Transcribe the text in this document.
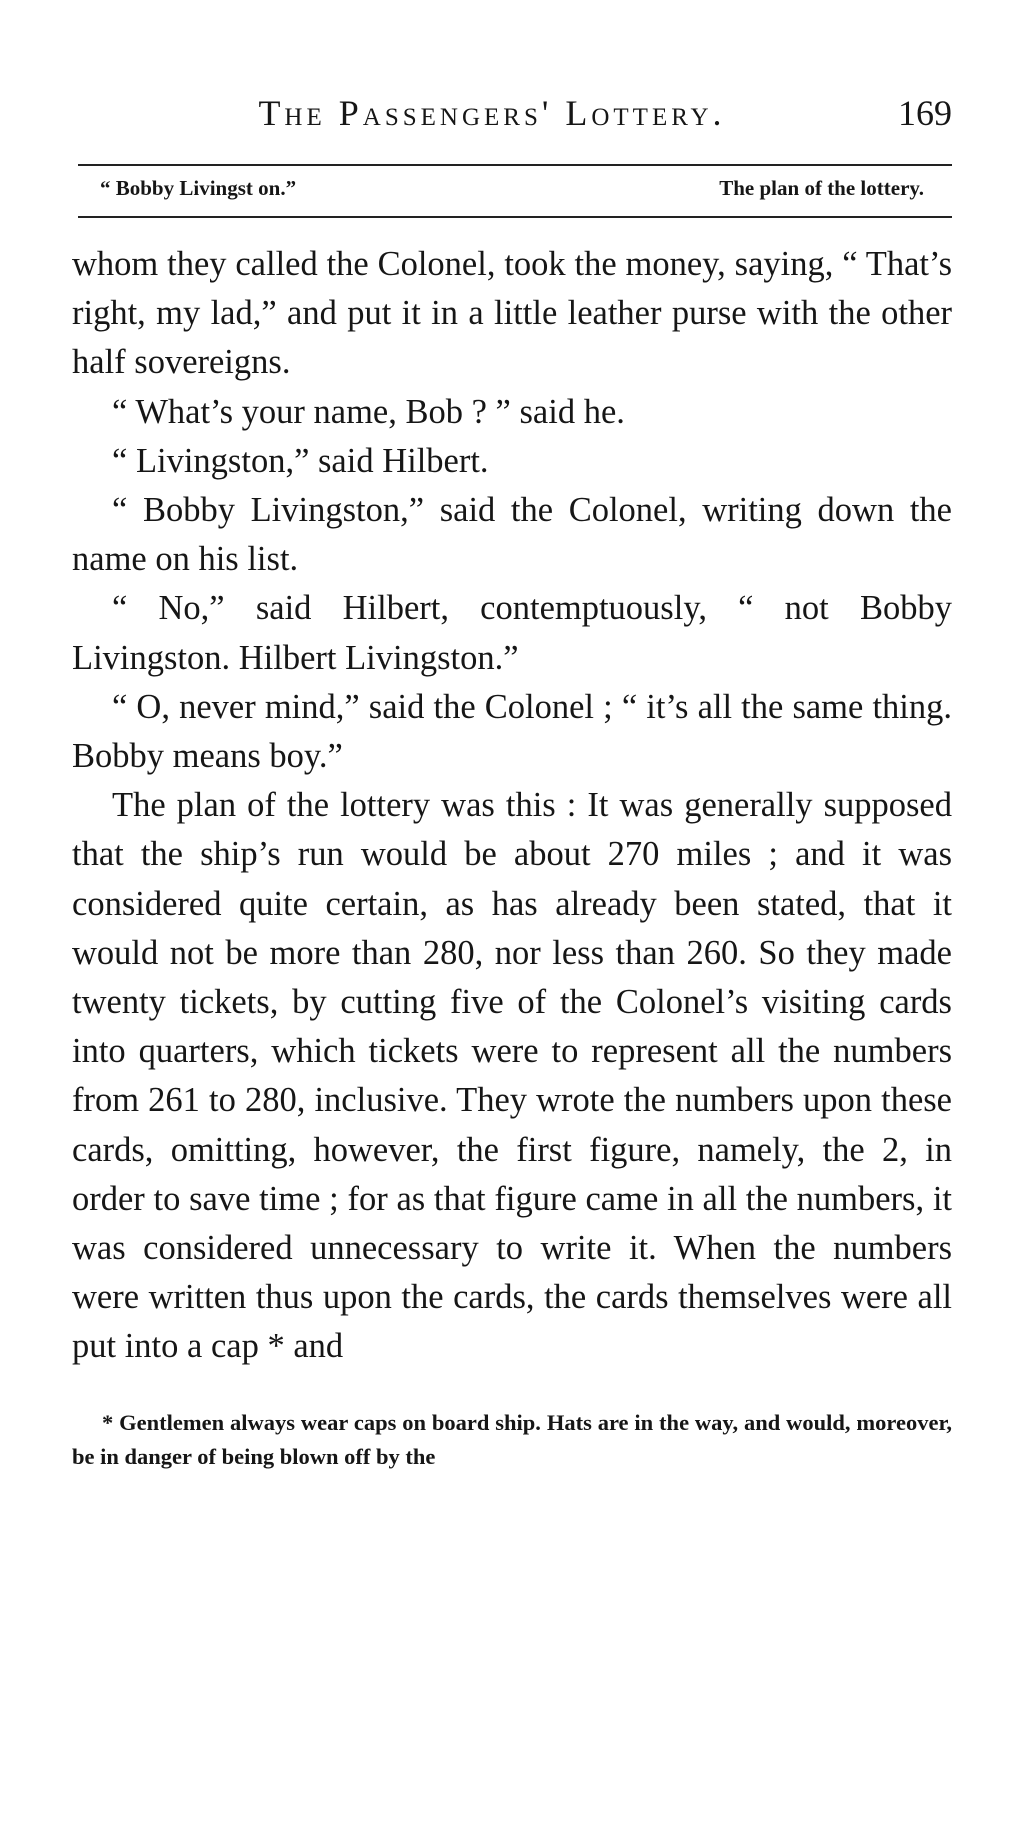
The Passengers' Lottery.	169
“ Bobby Livingst on.”	The plan of the lottery.

whom they called the Colonel, took the money, saying, “ That’s right, my lad,” and put it in a little leather purse with the other half sovereigns.

“ What’s your name, Bob ? ” said he.

“ Livingston,” said Hilbert.

“ Bobby Livingston,” said the Colonel, writing down the name on his list.

“ No,” said Hilbert, contemptuously, “ not Bobby Livingston. Hilbert Livingston.”

“ O, never mind,” said the Colonel ; “ it’s all the same thing. Bobby means boy.”

The plan of the lottery was this : It was generally supposed that the ship’s run would be about 270 miles ; and it was considered quite certain, as has already been stated, that it would not be more than 280, nor less than 260. So they made twenty tickets, by cutting five of the Colonel’s visiting cards into quarters, which tickets were to represent all the numbers from 261 to 280, inclusive. They wrote the numbers upon these cards, omitting, however, the first figure, namely, the 2, in order to save time ; for as that figure came in all the numbers, it was considered unnecessary to write it. When the numbers were written thus upon the cards, the cards themselves were all put into a cap * and

* Gentlemen always wear caps on board ship. Hats are in the way, and would, moreover, be in danger of being blown off by the
